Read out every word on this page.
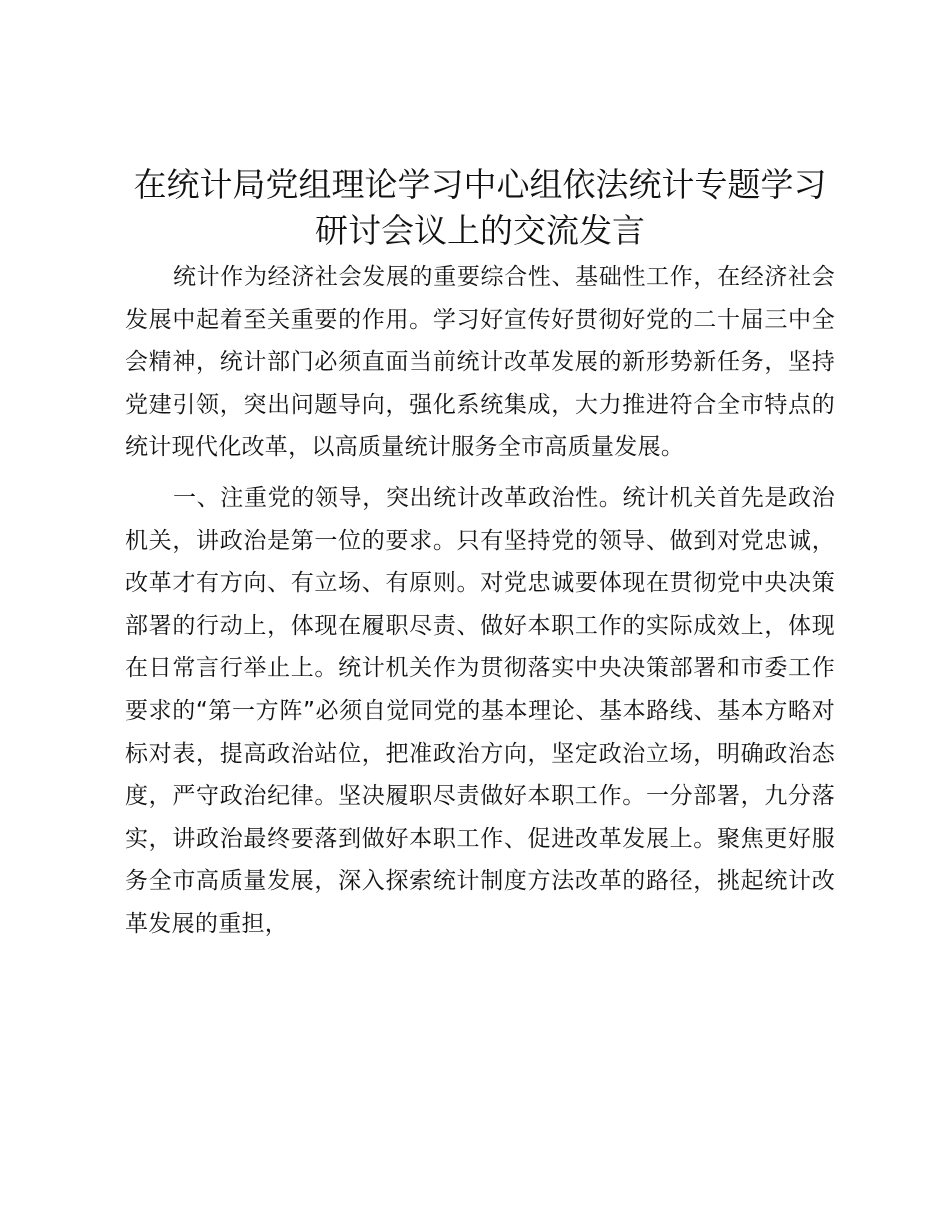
在统计局党组理论学习中心组依法统计专题学习研讨会议上的交流发言

统计作为经济社会发展的重要综合性、基础性工作，在经济社会发展中起着至关重要的作用。学习好宣传好贯彻好党的二十届三中全会精神，统计部门必须直面当前统计改革发展的新形势新任务，坚持党建引领，突出问题导向，强化系统集成，大力推进符合全市特点的统计现代化改革，以高质量统计服务全市高质量发展。

一、注重党的领导，突出统计改革政治性。统计机关首先是政治机关，讲政治是第一位的要求。只有坚持党的领导、做到对党忠诚，改革才有方向、有立场、有原则。对党忠诚要体现在贯彻党中央决策部署的行动上，体现在履职尽责、做好本职工作的实际成效上，体现在日常言行举止上。统计机关作为贯彻落实中央决策部署和市委工作要求的“第一方阵”必须自觉同党的基本理论、基本路线、基本方略对标对表，提高政治站位，把准政治方向，坚定政治立场，明确政治态度，严守政治纪律。坚决履职尽责做好本职工作。一分部署，九分落实，讲政治最终要落到做好本职工作、促进改革发展上。聚焦更好服务全市高质量发展，深入探索统计制度方法改革的路径，挑起统计改革发展的重担，
